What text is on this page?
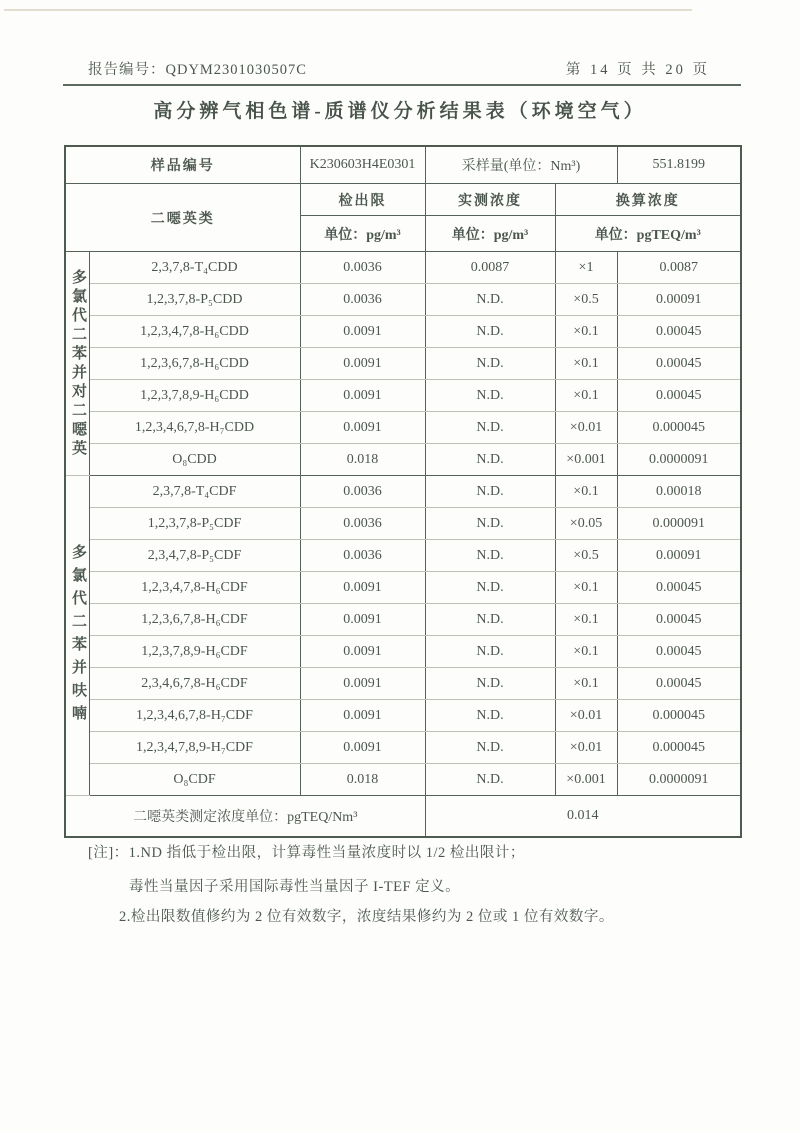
报告编号：QDYM2301030507C	第 14 页 共 20 页
高分辨气相色谱-质谱仪分析结果表（环境空气）
样品编号		K230603H4E0301	采样量(单位：Nm³)		551.8199
二噁英类		检出限	实测浓度	换算浓度	
		单位：pg/m³	单位：pg/m³	单位：pgTEQ/m³	

多氯代二苯并对二噁英	2,3,7,8-T₄CDD	0.0036	0.0087	×1	0.0087
	1,2,3,7,8-P₅CDD	0.0036	N.D.	×0.5	0.00091
	1,2,3,4,7,8-H₆CDD	0.0091	N.D.	×0.1	0.00045
	1,2,3,6,7,8-H₆CDD	0.0091	N.D.	×0.1	0.00045
	1,2,3,7,8,9-H₆CDD	0.0091	N.D.	×0.1	0.00045
	1,2,3,4,6,7,8-H₇CDD	0.0091	N.D.	×0.01	0.000045
	O₈CDD	0.018	N.D.	×0.001	0.0000091

多氯代二苯并呋喃	2,3,7,8-T₄CDF	0.0036	N.D.	×0.1	0.00018
	1,2,3,7,8-P₅CDF	0.0036	N.D.	×0.05	0.000091
	2,3,4,7,8-P₅CDF	0.0036	N.D.	×0.5	0.00091
	1,2,3,4,7,8-H₆CDF	0.0091	N.D.	×0.1	0.00045
	1,2,3,6,7,8-H₆CDF	0.0091	N.D.	×0.1	0.00045
	1,2,3,7,8,9-H₆CDF	0.0091	N.D.	×0.1	0.00045
	2,3,4,6,7,8-H₆CDF	0.0091	N.D.	×0.1	0.00045
	1,2,3,4,6,7,8-H₇CDF	0.0091	N.D.	×0.01	0.000045
	1,2,3,4,7,8,9-H₇CDF	0.0091	N.D.	×0.01	0.000045
	O₈CDF	0.018	N.D.	×0.001	0.0000091
二噁英类测定浓度单位：pgTEQ/Nm³			0.014		
[注]：1.ND 指低于检出限，计算毒性当量浓度时以 1/2 检出限计；
毒性当量因子采用国际毒性当量因子 I-TEF 定义。
2.检出限数值修约为 2 位有效数字，浓度结果修约为 2 位或 1 位有效数字。
